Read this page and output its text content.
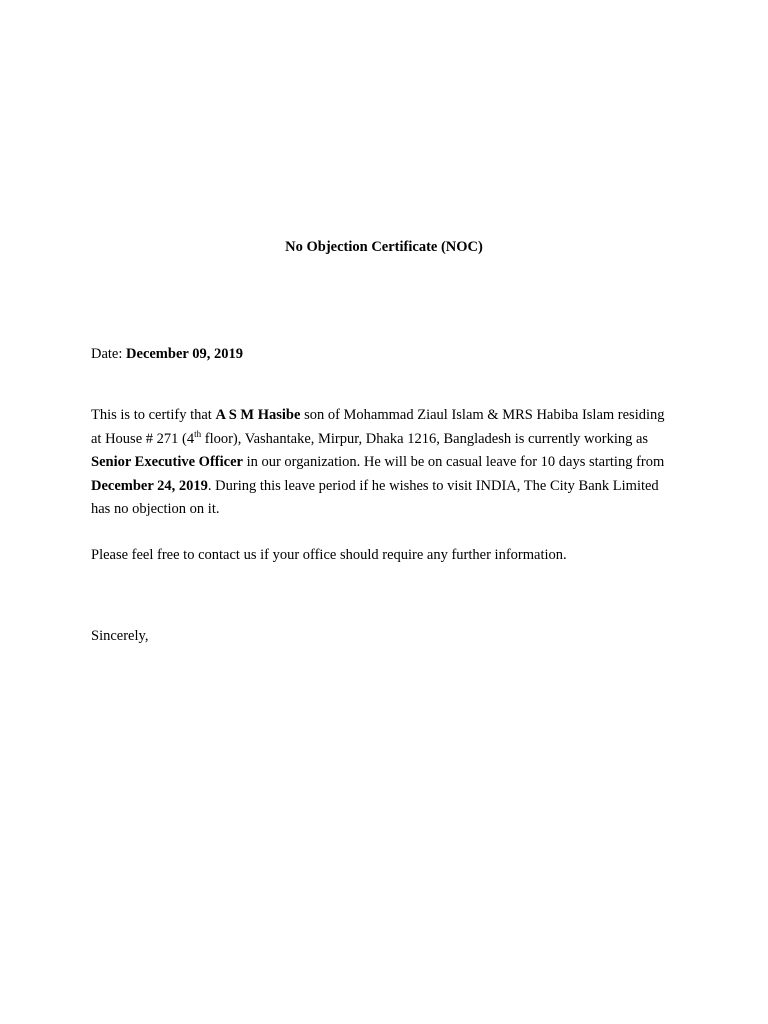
No Objection Certificate (NOC)
Date: December 09, 2019
This is to certify that A S M Hasibe son of Mohammad Ziaul Islam & MRS Habiba Islam residing
at House # 271 (4th floor), Vashantake, Mirpur, Dhaka 1216, Bangladesh is currently working as
Senior Executive Officer in our organization. He will be on casual leave for 10 days starting from
December 24, 2019. During this leave period if he wishes to visit INDIA, The City Bank Limited
has no objection on it.
Please feel free to contact us if your office should require any further information.
Sincerely,
